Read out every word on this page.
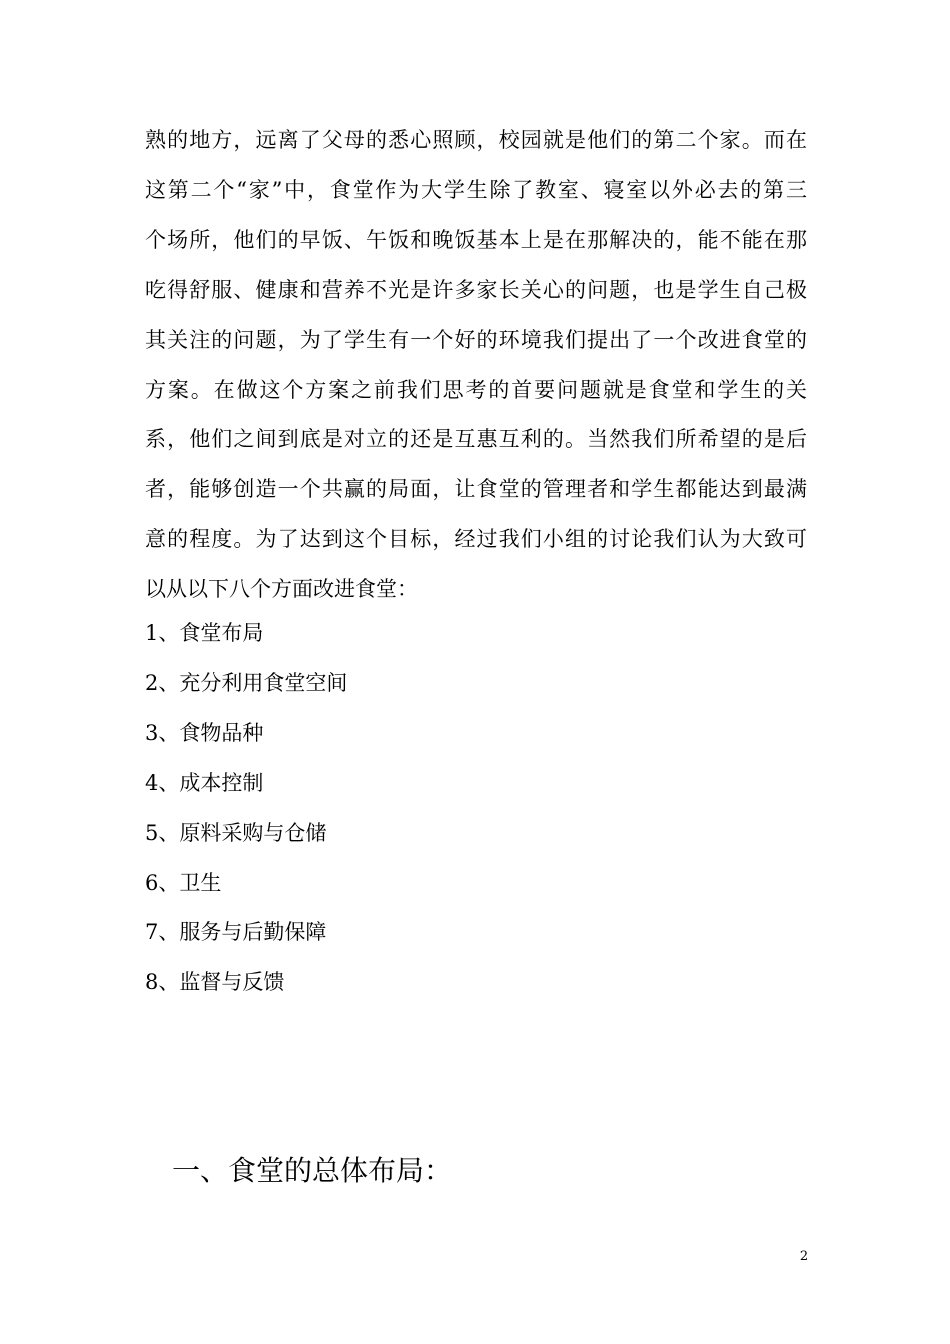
熟的地方，远离了父母的悉心照顾，校园就是他们的第二个家。而在
这第二个“家”中，食堂作为大学生除了教室、寝室以外必去的第三
个场所，他们的早饭、午饭和晚饭基本上是在那解决的，能不能在那
吃得舒服、健康和营养不光是许多家长关心的问题，也是学生自己极
其关注的问题，为了学生有一个好的环境我们提出了一个改进食堂的
方案。在做这个方案之前我们思考的首要问题就是食堂和学生的关
系，他们之间到底是对立的还是互惠互利的。当然我们所希望的是后
者，能够创造一个共赢的局面，让食堂的管理者和学生都能达到最满
意的程度。为了达到这个目标，经过我们小组的讨论我们认为大致可
以从以下八个方面改进食堂：

1、食堂布局
2、充分利用食堂空间
3、食物品种
4、成本控制
5、原料采购与仓储
6、卫生
7、服务与后勤保障
8、监督与反馈
一、食堂的总体布局：
2
